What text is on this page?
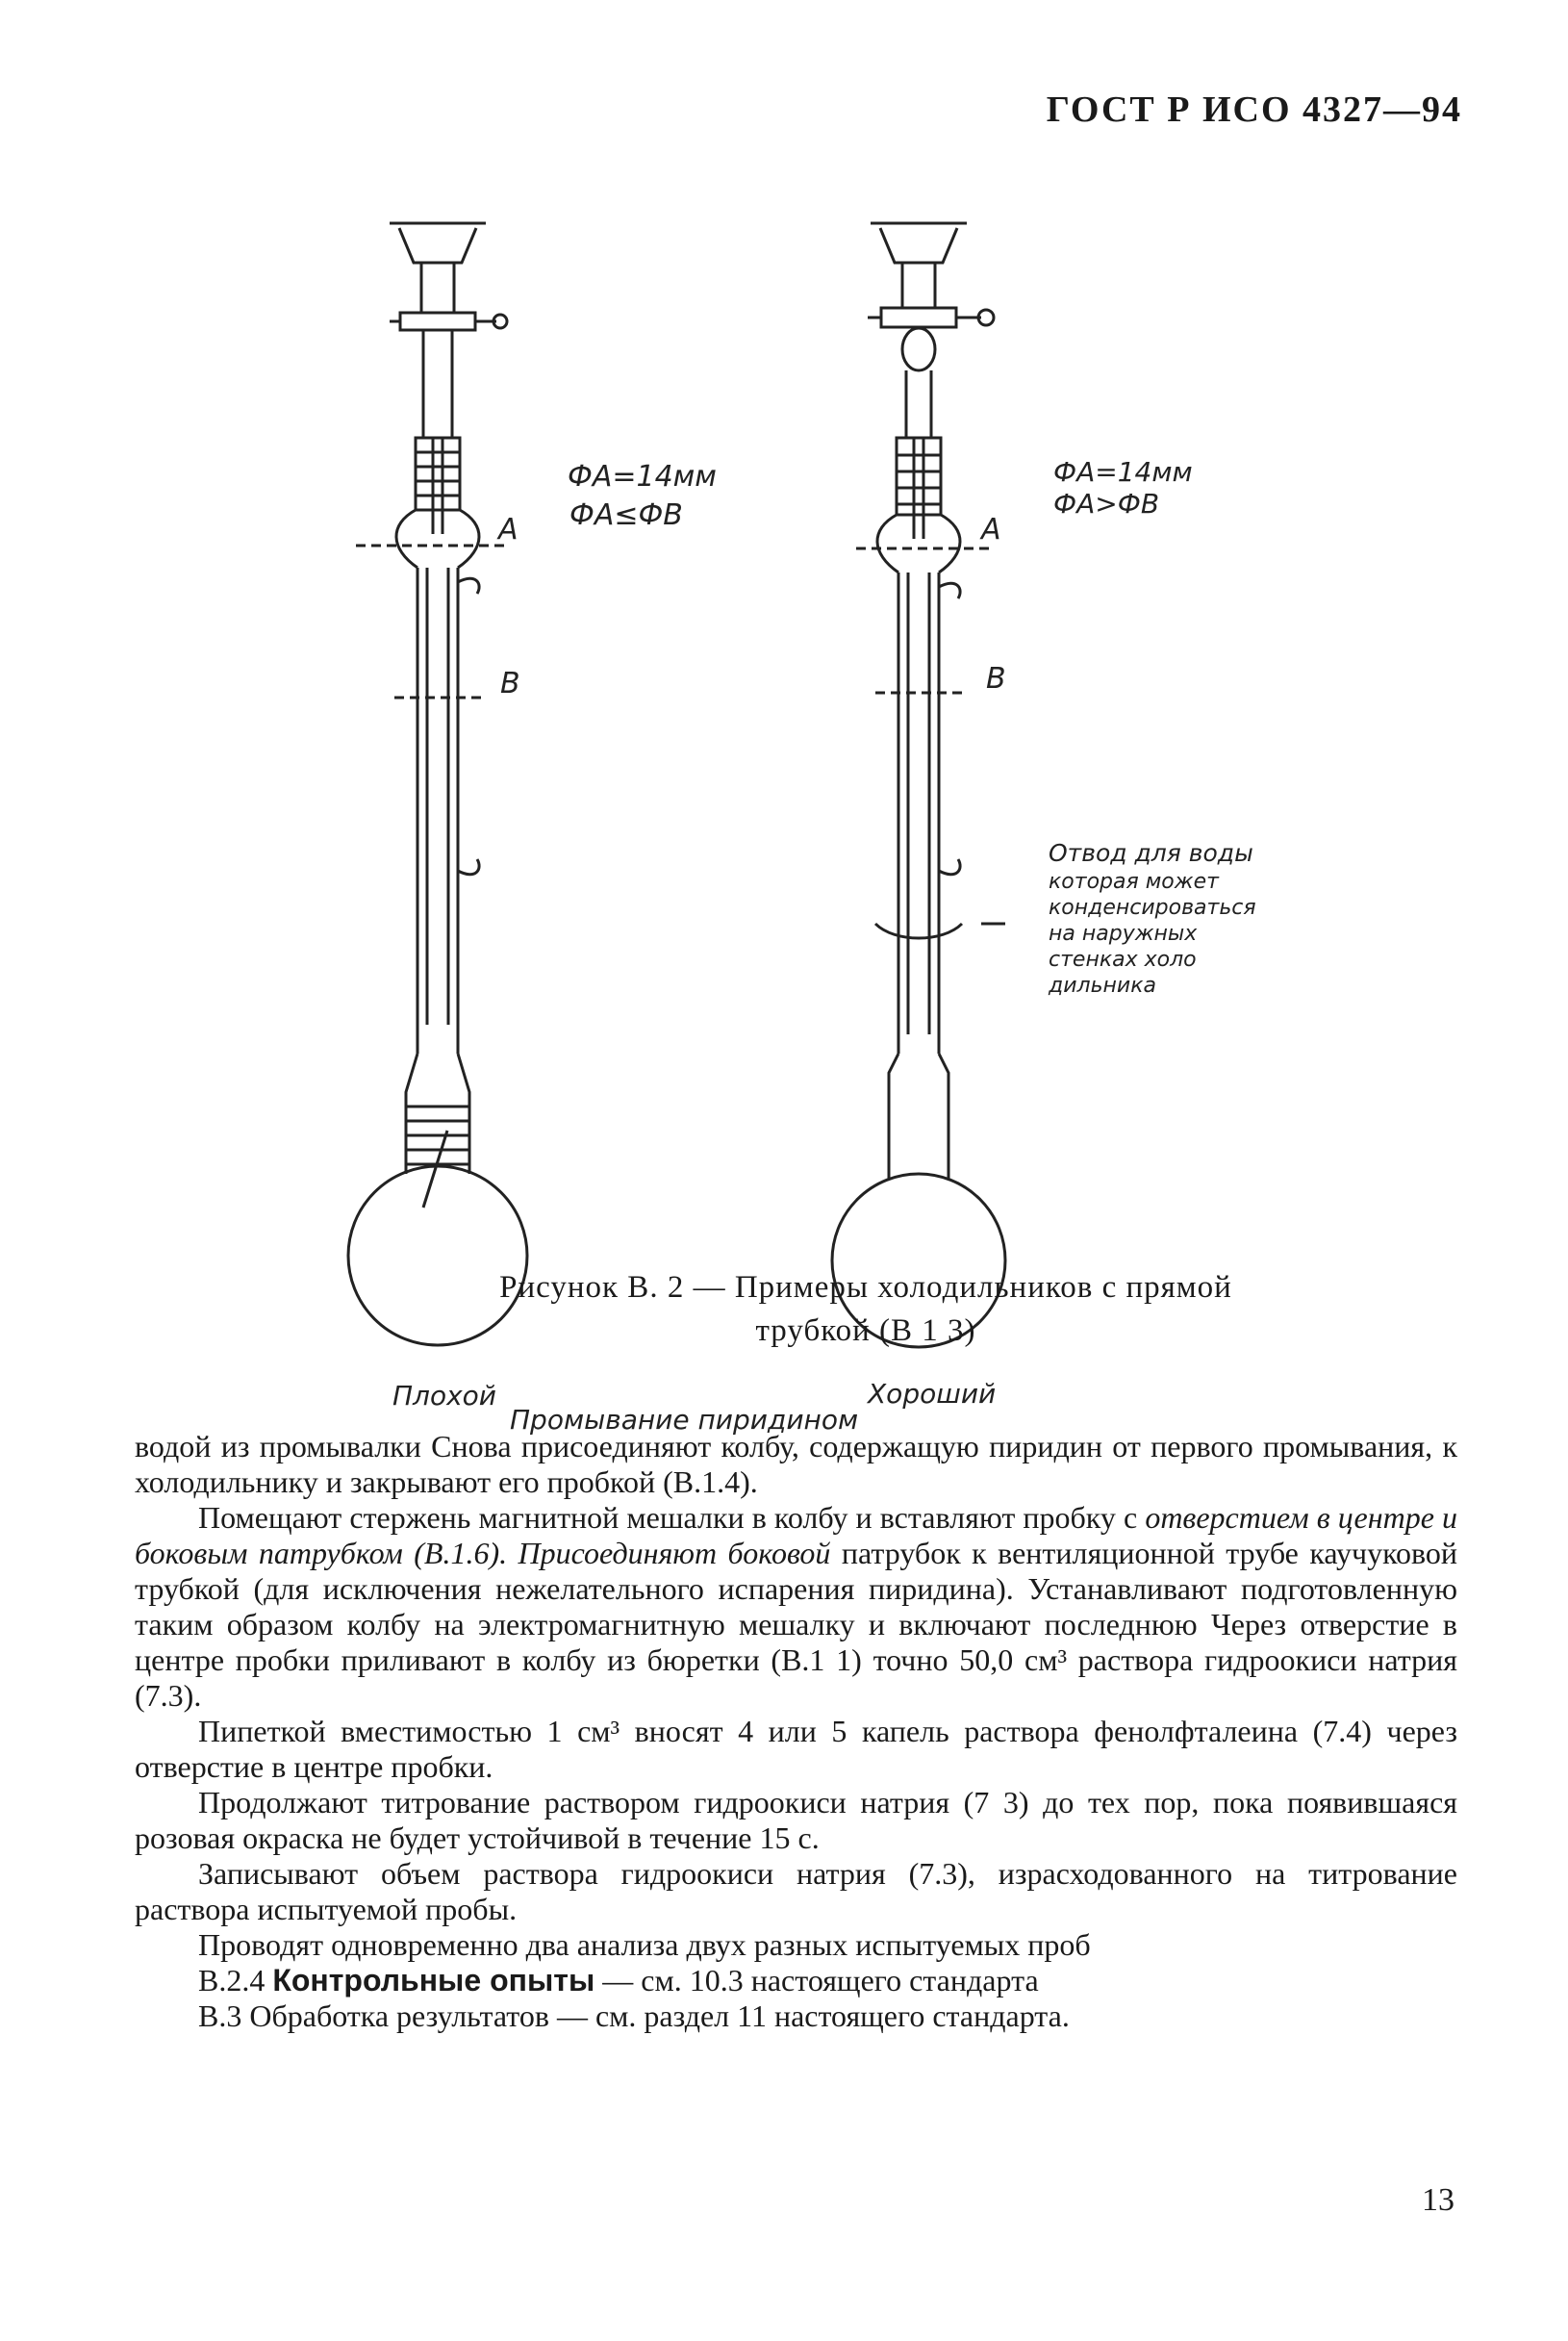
ГОСТ Р ИСО 4327—94
ФA=14мм
ФA≤ФB
A
B
Плохой
ФA=14мм
ФA>ФB
A
B
Хороший
Отвод для воды
которая может
конденсироваться
на наружных
стенках холо
дильника
Промывание пиридином
Рисунок В. 2 — Примеры холодильников с прямой
трубкой (В 1 3)

водой из промывалки Снова присоединяют колбу, содержащую пиридин от первого промывания, к холодильнику и закрывают его пробкой (В.1.4).

Помещают стержень магнитной мешалки в колбу и вставляют пробку с отверстием в центре и боковым патрубком (В.1.6). Присоединяют боковой патрубок к вентиляционной трубе каучуковой трубкой (для исключения нежелательного испарения пиридина). Устанавливают подготовленную таким образом колбу на электромагнитную мешалку и включают последнюю Через отверстие в центре пробки приливают в колбу из бюретки (В.1 1) точно 50,0 см³ раствора гидроокиси натрия (7.3).

Пипеткой вместимостью 1 см³ вносят 4 или 5 капель раствора фенолфталеина (7.4) через отверстие в центре пробки.

Продолжают титрование раствором гидроокиси натрия (7 3) до тех пор, пока появившаяся розовая окраска не будет устойчивой в течение 15 с.

Записывают объем раствора гидроокиси натрия (7.3), израсходованного на титрование раствора испытуемой пробы.

Проводят одновременно два анализа двух разных испытуемых проб

В.2.4 Контрольные опыты — см. 10.3 настоящего стандарта

В.3 Обработка результатов — см. раздел 11 настоящего стандарта.

13
